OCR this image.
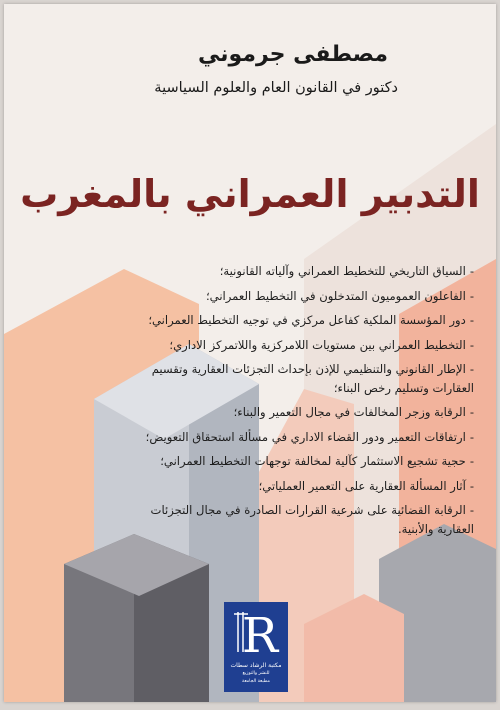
مصطفى جرموني
دكتور في القانون العام والعلوم السياسية
التدبير العمراني بالمغرب
-السياق التاريخي للتخطيط العمراني وآلياته القانونية؛
-الفاعلون العموميون المتدخلون في التخطيط العمراني؛
-دور المؤسسة الملكية كفاعل مركزي في توجيه التخطيط العمراني؛
-التخطيط العمراني بين مستويات اللامركزية واللاتمركز الاداري؛
-الإطار القانوني والتنظيمي للإذن بإحداث التجزئات العقارية وتقسيم
العقارات وتسليم رخص البناء؛
-الرقابة وزجر المخالفات في مجال التعمير والبناء؛
-ارتفاقات التعمير ودور القضاء الاداري في مسألة استحقاق التعويض؛
-حجية تشجيع الاستثمار كآلية لمخالفة توجهات التخطيط العمراني؛
-آثار المسألة العقارية على التعمير العملياتي؛
-الرقابة القضائية على شرعية القرارات الصادرة في مجال التجزئات
العقارية والأبنية.
R
مكتبة الرشاد سطات
للنشر والتوزيع
مطبعة الجامعة
